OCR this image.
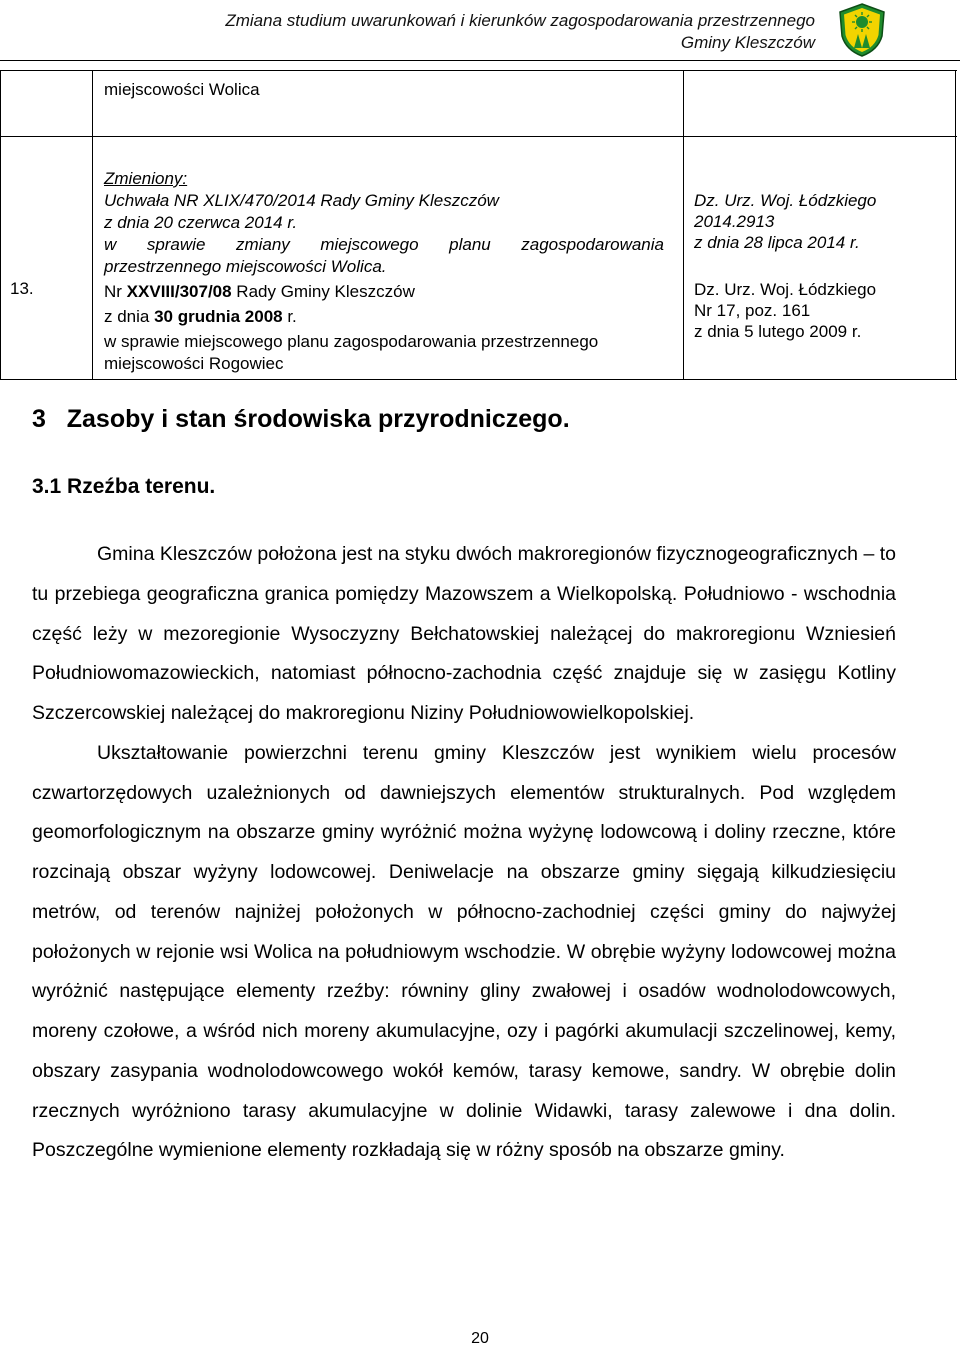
Zmiana studium uwarunkowań i kierunków zagospodarowania przestrzennego
Gminy Kleszczów
miejscowości Wolica
13.
Zmieniony:
Uchwała NR XLIX/470/2014 Rady Gminy Kleszczów
z dnia 20 czerwca 2014 r.
w sprawie zmiany miejscowego planu zagospodarowania
przestrzennego miejscowości Wolica.
Nr XXVIII/307/08 Rady Gminy Kleszczów
z dnia 30 grudnia 2008 r.
w sprawie miejscowego planu zagospodarowania przestrzennego
miejscowości Rogowiec
Dz. Urz. Woj. Łódzkiego
2014.2913
z dnia 28 lipca 2014 r.
Dz. Urz. Woj. Łódzkiego
Nr 17, poz. 161
z dnia 5 lutego 2009 r.
3 Zasoby i stan środowiska przyrodniczego.
3.1 Rzeźba terenu.

Gmina Kleszczów położona jest na styku dwóch makroregionów fizycznogeograficznych – to tu przebiega geograficzna granica pomiędzy Mazowszem a Wielkopolską. Południowo - wschodnia część leży w mezoregionie Wysoczyzny Bełchatowskiej należącej do makroregionu Wzniesień Południowomazowieckich, natomiast północno-zachodnia część znajduje się w zasięgu Kotliny Szczercowskiej należącej do makroregionu Niziny Południowowielkopolskiej.

Ukształtowanie powierzchni terenu gminy Kleszczów jest wynikiem wielu procesów czwartorzędowych uzależnionych od dawniejszych elementów strukturalnych. Pod względem geomorfologicznym na obszarze gminy wyróżnić można wyżynę lodowcową i doliny rzeczne, które rozcinają obszar wyżyny lodowcowej. Deniwelacje na obszarze gminy sięgają kilkudziesięciu metrów, od terenów najniżej położonych w północno-zachodniej części gminy do najwyżej położonych w rejonie wsi Wolica na południowym wschodzie. W obrębie wyżyny lodowcowej można wyróżnić następujące elementy rzeźby: równiny gliny zwałowej i osadów wodnolodowcowych, moreny czołowe, a wśród nich moreny akumulacyjne, ozy i pagórki akumulacji szczelinowej, kemy, obszary zasypania wodnolodowcowego wokół kemów, tarasy kemowe, sandry. W obrębie dolin rzecznych wyróżniono tarasy akumulacyjne w dolinie Widawki, tarasy zalewowe i dna dolin. Poszczególne wymienione elementy rozkładają się w różny sposób na obszarze gminy.

20
